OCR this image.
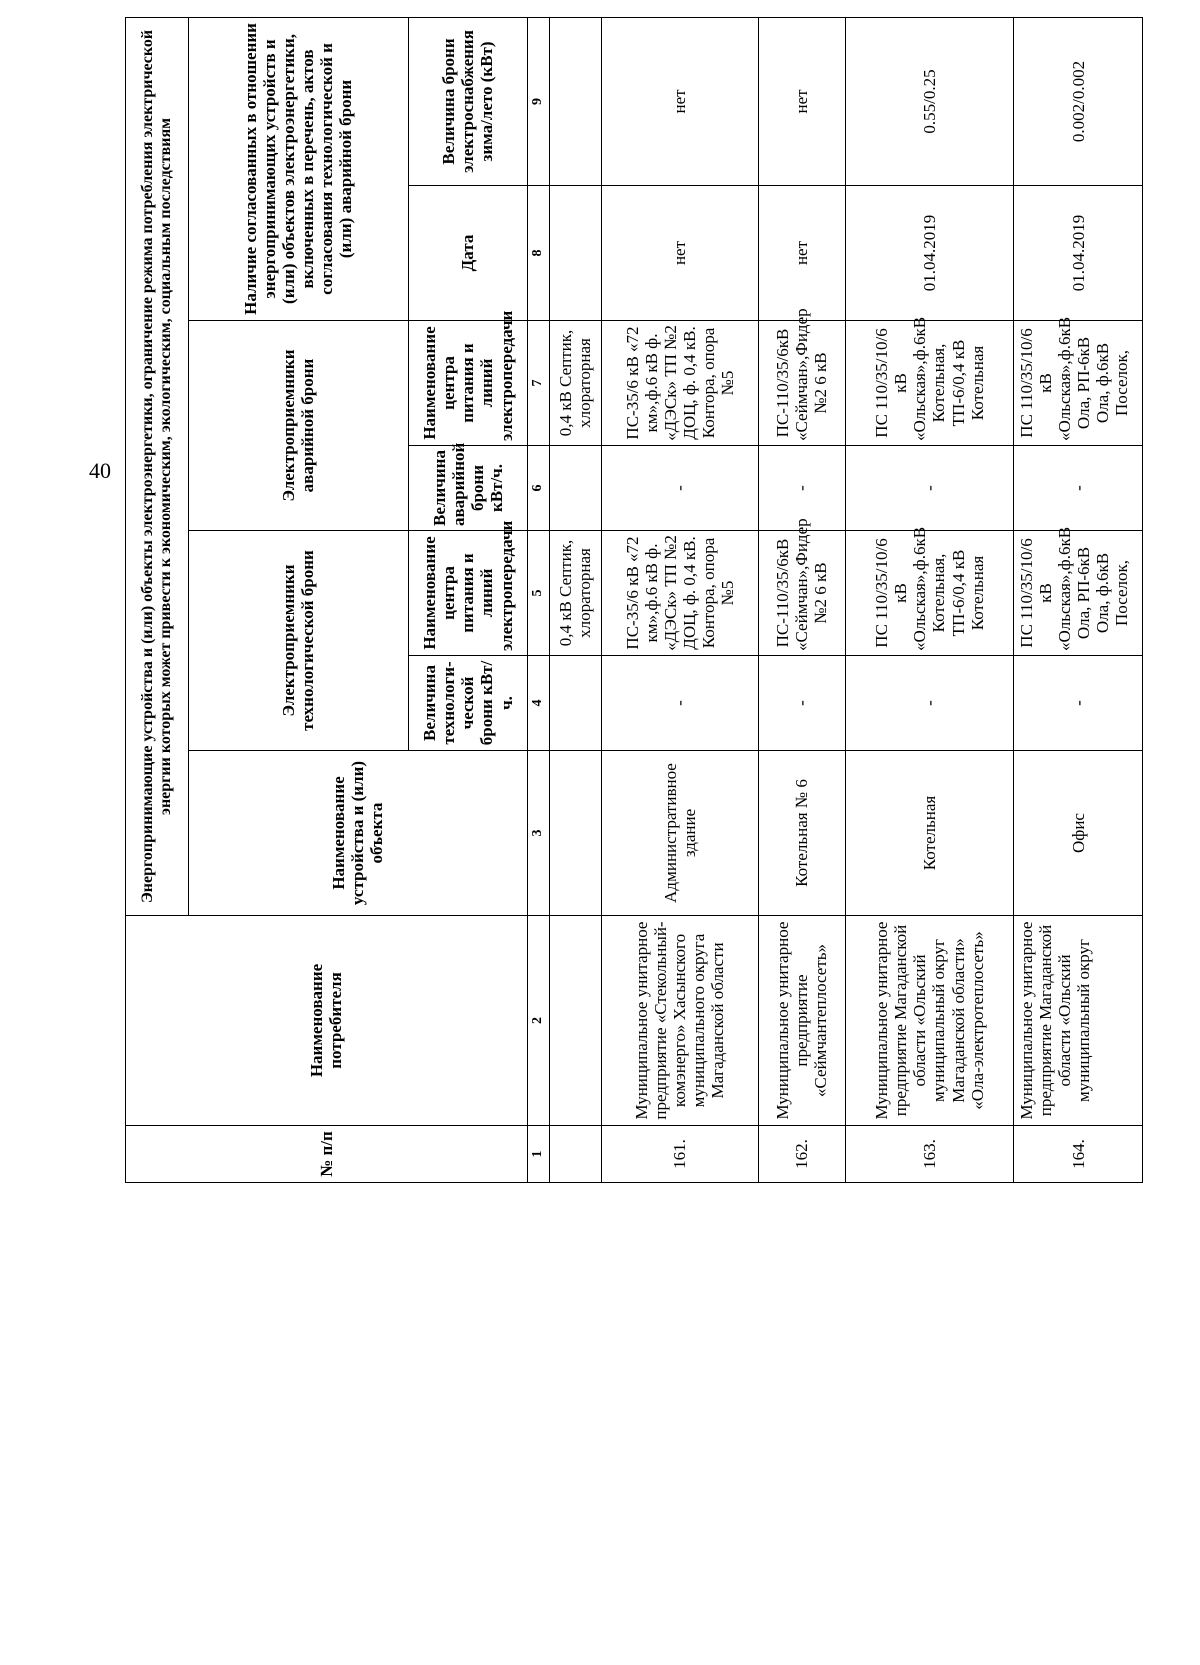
40
№ п/п	Наименование потребителя	Энергопринимающие устройства и (или) объекты электроэнергетики, ограничение режима потребления электрической энергии которых может привести к экономическим, экологическим, социальным последствиям						
		Наименование устройства и (или) объекта	Электроприемники технологической брони		Электроприемники аварийной брони		Наличие согласованных в отношении энергопринимающих устройств и (или) объектов электроэнергетики, включенных в перечень, актов согласования технологической и (или) аварийной брони	
			Величина технологи-ческой брони кВт/ч.	Наименование центра питания и линий электропередачи	Величина аварийной брони кВт/ч.	Наименование центра питания и линий электропередачи	Дата	Величина брони электроснабжения зима/лето (кВт)
1	2	3	4	5	6	7	8	9
				0,4 кВ Септик, хлораторная		0,4 кВ Септик, хлораторная		
161.	Муниципальное унитарное предприятие «Стекольный-комэнерго» Хасынского муниципального округа Магаданской области	Административное здание	-	ПС-35/6 кВ «72 км»,ф.6 кВ ф. «ДЭСк» ТП №2 ДОЦ, ф. 0,4 кВ. Контора, опора №5	-	ПС-35/6 кВ «72 км»,ф.6 кВ ф. «ДЭСк» ТП №2 ДОЦ, ф. 0,4 кВ. Контора, опора №5	нет	нет
162.	Муниципальное унитарное предприятие «Сеймчантеплосеть»	Котельная № 6	-	ПС-110/35/6кВ «Сеймчан»,Фидер №2 6 кВ	-	ПС-110/35/6кВ «Сеймчан»,Фидер №2 6 кВ	нет	нет
163.	Муниципальное унитарное предприятие Магаданской области «Ольский муниципальный округ Магаданской области» «Ола-электротеплосеть»	Котельная	-	ПС 110/35/10/6 кВ «Ольская»,ф.6кВ Котельная, ТП-6/0,4 кВ Котельная	-	ПС 110/35/10/6 кВ «Ольская»,ф.6кВ Котельная, ТП-6/0,4 кВ Котельная	01.04.2019	0.55/0.25
164.	Муниципальное унитарное предприятие Магаданской области «Ольский муниципальный округ	Офис	-	ПС 110/35/10/6 кВ «Ольская»,ф.6кВ Ола, РП-6кВ Ола, ф.6кВ Поселок,	-	ПС 110/35/10/6 кВ «Ольская»,ф.6кВ Ола, РП-6кВ Ола, ф.6кВ Поселок,	01.04.2019	0.002/0.002
